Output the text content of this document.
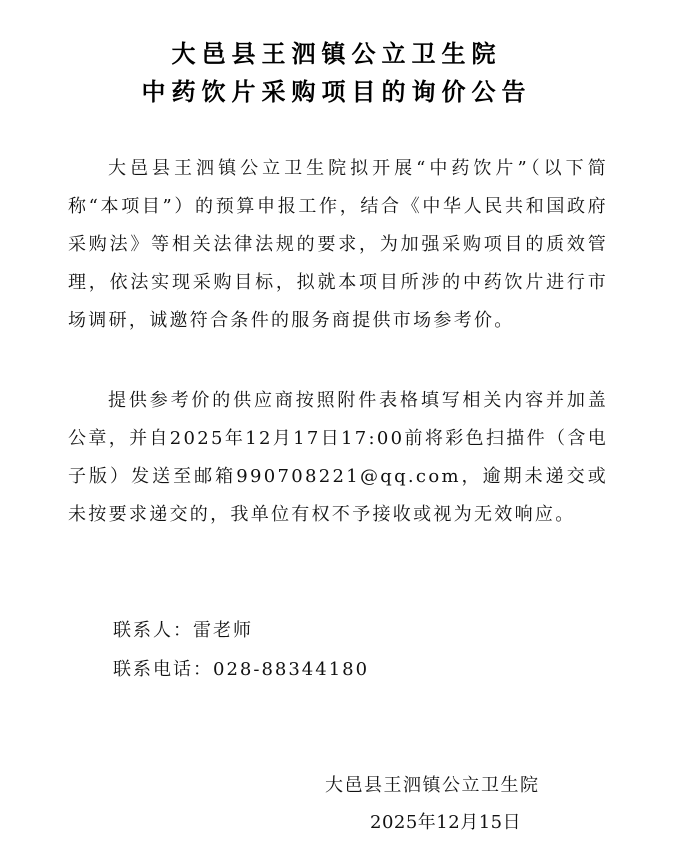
大邑县王泗镇公立卫生院
中药饮片采购项目的询价公告

大邑县王泗镇公立卫生院拟开展“中药饮片”（以下简称“本项目”）的预算申报工作，结合《中华人民共和国政府采购法》等相关法律法规的要求，为加强采购项目的质效管理，依法实现采购目标，拟就本项目所涉的中药饮片进行市场调研，诚邀符合条件的服务商提供市场参考价。

提供参考价的供应商按照附件表格填写相关内容并加盖公章，并自2025年12月17日17:00前将彩色扫描件（含电子版）发送至邮箱990708221@qq.com，逾期未递交或未按要求递交的，我单位有权不予接收或视为无效响应。

联系人：雷老师
联系电话：028-88344180
大邑县王泗镇公立卫生院
2025年12月15日
